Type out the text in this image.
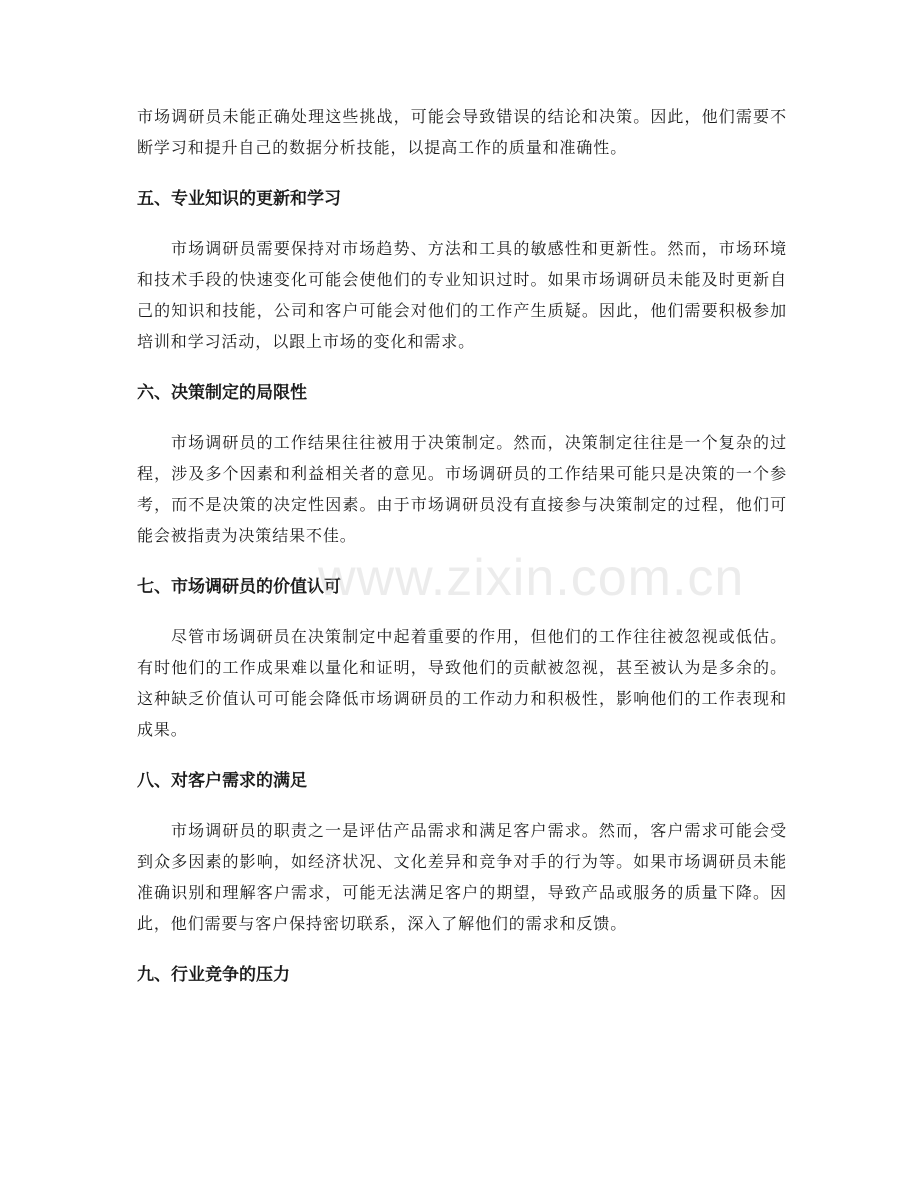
市场调研员未能正确处理这些挑战，可能会导致错误的结论和决策。因此，他们需要不断学习和提升自己的数据分析技能，以提高工作的质量和准确性。

五、专业知识的更新和学习

市场调研员需要保持对市场趋势、方法和工具的敏感性和更新性。然而，市场环境和技术手段的快速变化可能会使他们的专业知识过时。如果市场调研员未能及时更新自己的知识和技能，公司和客户可能会对他们的工作产生质疑。因此，他们需要积极参加培训和学习活动，以跟上市场的变化和需求。

六、决策制定的局限性

市场调研员的工作结果往往被用于决策制定。然而，决策制定往往是一个复杂的过程，涉及多个因素和利益相关者的意见。市场调研员的工作结果可能只是决策的一个参考，而不是决策的决定性因素。由于市场调研员没有直接参与决策制定的过程，他们可能会被指责为决策结果不佳。

七、市场调研员的价值认可

尽管市场调研员在决策制定中起着重要的作用，但他们的工作往往被忽视或低估。有时他们的工作成果难以量化和证明，导致他们的贡献被忽视，甚至被认为是多余的。这种缺乏价值认可可能会降低市场调研员的工作动力和积极性，影响他们的工作表现和成果。

八、对客户需求的满足

市场调研员的职责之一是评估产品需求和满足客户需求。然而，客户需求可能会受到众多因素的影响，如经济状况、文化差异和竞争对手的行为等。如果市场调研员未能准确识别和理解客户需求，可能无法满足客户的期望，导致产品或服务的质量下降。因此，他们需要与客户保持密切联系，深入了解他们的需求和反馈。

九、行业竞争的压力
www.zixin.com.cn
